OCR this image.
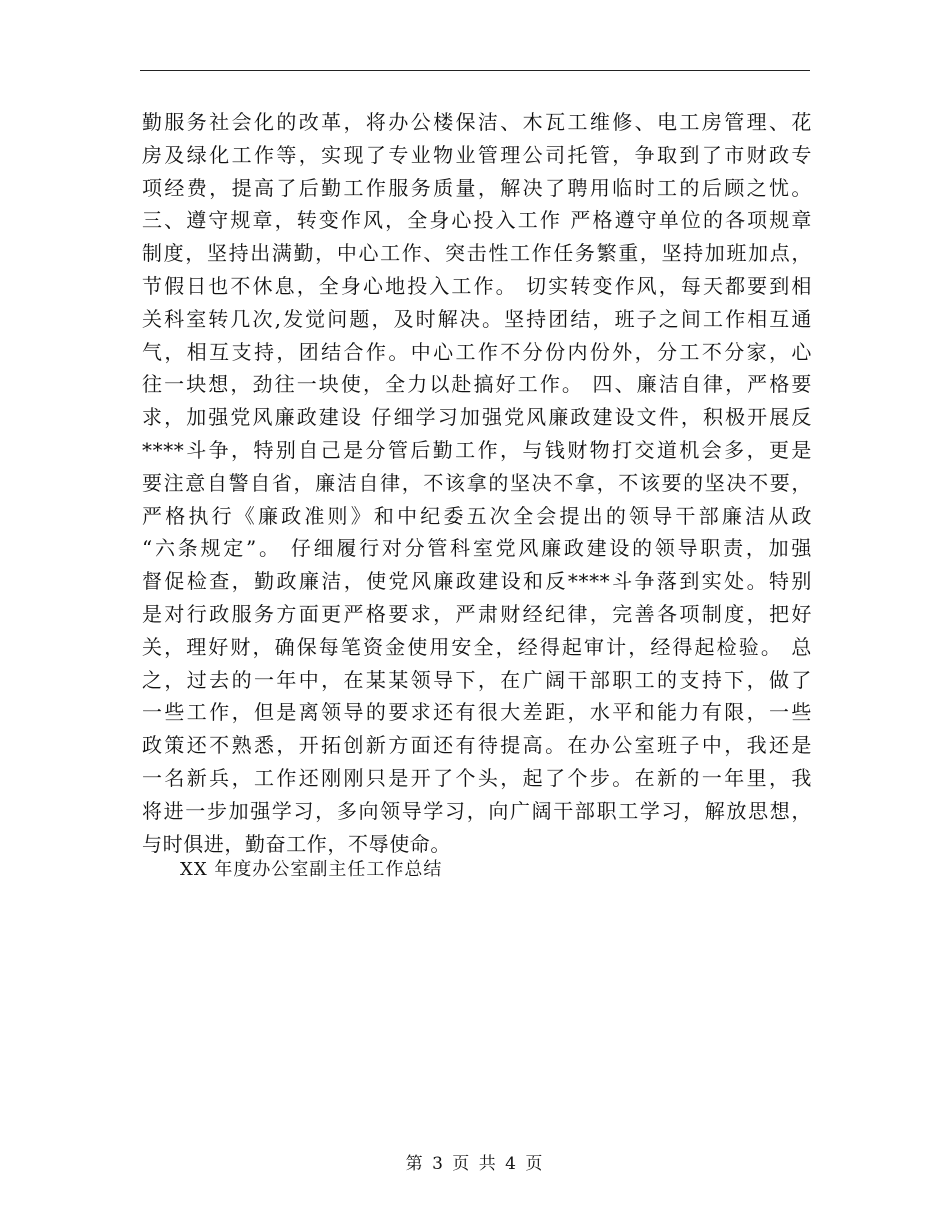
勤服务社会化的改革，将办公楼保洁、木瓦工维修、电工房管理、花
房及绿化工作等，实现了专业物业管理公司托管，争取到了市财政专
项经费，提高了后勤工作服务质量，解决了聘用临时工的后顾之忧。
三、遵守规章，转变作风，全身心投入工作 严格遵守单位的各项规章
制度，坚持出满勤，中心工作、突击性工作任务繁重，坚持加班加点，
节假日也不休息，全身心地投入工作。 切实转变作风，每天都要到相
关科室转几次,发觉问题，及时解决。坚持团结，班子之间工作相互通
气，相互支持，团结合作。中心工作不分份内份外，分工不分家，心
往一块想，劲往一块使，全力以赴搞好工作。 四、廉洁自律，严格要
求，加强党风廉政建设 仔细学习加强党风廉政建设文件，积极开展反
****斗争，特别自己是分管后勤工作，与钱财物打交道机会多，更是
要注意自警自省，廉洁自律，不该拿的坚决不拿，不该要的坚决不要，
严格执行《廉政准则》和中纪委五次全会提出的领导干部廉洁从政
“六条规定”。 仔细履行对分管科室党风廉政建设的领导职责，加强
督促检查，勤政廉洁，使党风廉政建设和反****斗争落到实处。特别
是对行政服务方面更严格要求，严肃财经纪律，完善各项制度，把好
关，理好财，确保每笔资金使用安全，经得起审计，经得起检验。 总
之，过去的一年中，在某某领导下，在广阔干部职工的支持下，做了
一些工作，但是离领导的要求还有很大差距，水平和能力有限，一些
政策还不熟悉，开拓创新方面还有待提高。在办公室班子中，我还是
一名新兵，工作还刚刚只是开了个头，起了个步。在新的一年里，我
将进一步加强学习，多向领导学习，向广阔干部职工学习，解放思想，
与时俱进，勤奋工作，不辱使命。
XX 年度办公室副主任工作总结
第 3 页 共 4 页
